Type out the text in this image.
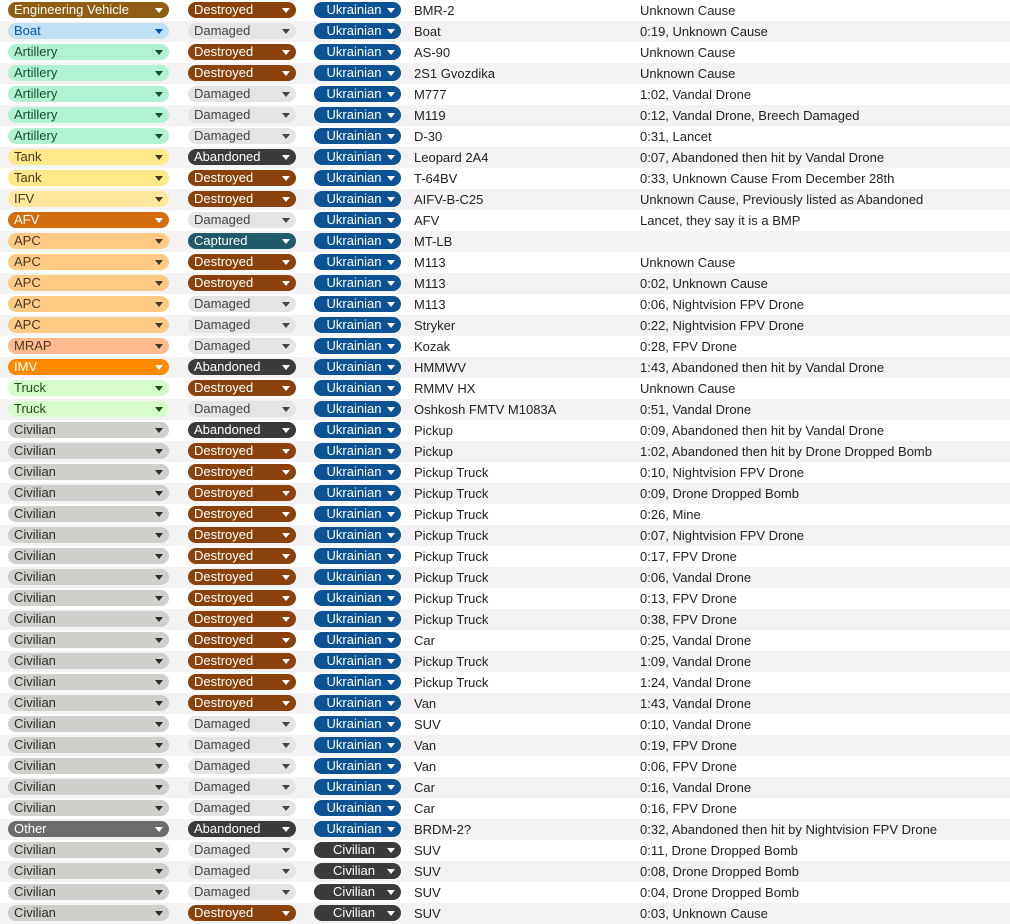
Engineering Vehicle	Destroyed	Ukrainian	BMR-2	Unknown Cause
Boat	Damaged	Ukrainian	Boat	0:19, Unknown Cause
Artillery	Destroyed	Ukrainian	AS-90	Unknown Cause
Artillery	Destroyed	Ukrainian	2S1 Gvozdika	Unknown Cause
Artillery	Damaged	Ukrainian	M777	1:02, Vandal Drone
Artillery	Damaged	Ukrainian	M119	0:12, Vandal Drone, Breech Damaged
Artillery	Damaged	Ukrainian	D-30	0:31, Lancet
Tank	Abandoned	Ukrainian	Leopard 2A4	0:07, Abandoned then hit by Vandal Drone
Tank	Destroyed	Ukrainian	T-64BV	0:33, Unknown Cause From December 28th
IFV	Destroyed	Ukrainian	AIFV-B-C25	Unknown Cause, Previously listed as Abandoned
AFV	Damaged	Ukrainian	AFV	Lancet, they say it is a BMP
APC	Captured	Ukrainian	MT-LB
APC	Destroyed	Ukrainian	M113	Unknown Cause
APC	Destroyed	Ukrainian	M113	0:02, Unknown Cause
APC	Damaged	Ukrainian	M113	0:06, Nightvision FPV Drone
APC	Damaged	Ukrainian	Stryker	0:22, Nightvision FPV Drone
MRAP	Damaged	Ukrainian	Kozak	0:28, FPV Drone
IMV	Abandoned	Ukrainian	HMMWV	1:43, Abandoned then hit by Vandal Drone
Truck	Destroyed	Ukrainian	RMMV HX	Unknown Cause
Truck	Damaged	Ukrainian	Oshkosh FMTV M1083A	0:51, Vandal Drone
Civilian	Abandoned	Ukrainian	Pickup	0:09, Abandoned then hit by Vandal Drone
Civilian	Destroyed	Ukrainian	Pickup	1:02, Abandoned then hit by Drone Dropped Bomb
Civilian	Destroyed	Ukrainian	Pickup Truck	0:10, Nightvision FPV Drone
Civilian	Destroyed	Ukrainian	Pickup Truck	0:09, Drone Dropped Bomb
Civilian	Destroyed	Ukrainian	Pickup Truck	0:26, Mine
Civilian	Destroyed	Ukrainian	Pickup Truck	0:07, Nightvision FPV Drone
Civilian	Destroyed	Ukrainian	Pickup Truck	0:17, FPV Drone
Civilian	Destroyed	Ukrainian	Pickup Truck	0:06, Vandal Drone
Civilian	Destroyed	Ukrainian	Pickup Truck	0:13, FPV Drone
Civilian	Destroyed	Ukrainian	Pickup Truck	0:38, FPV Drone
Civilian	Destroyed	Ukrainian	Car	0:25, Vandal Drone
Civilian	Destroyed	Ukrainian	Pickup Truck	1:09, Vandal Drone
Civilian	Destroyed	Ukrainian	Pickup Truck	1:24, Vandal Drone
Civilian	Destroyed	Ukrainian	Van	1:43, Vandal Drone
Civilian	Damaged	Ukrainian	SUV	0:10, Vandal Drone
Civilian	Damaged	Ukrainian	Van	0:19, FPV Drone
Civilian	Damaged	Ukrainian	Van	0:06, FPV Drone
Civilian	Damaged	Ukrainian	Car	0:16, Vandal Drone
Civilian	Damaged	Ukrainian	Car	0:16, FPV Drone
Other	Abandoned	Ukrainian	BRDM-2?	0:32, Abandoned then hit by Nightvision FPV Drone
Civilian	Damaged	Civilian	SUV	0:11, Drone Dropped Bomb
Civilian	Damaged	Civilian	SUV	0:08, Drone Dropped Bomb
Civilian	Damaged	Civilian	SUV	0:04, Drone Dropped Bomb
Civilian	Destroyed	Civilian	SUV	0:03, Unknown Cause
